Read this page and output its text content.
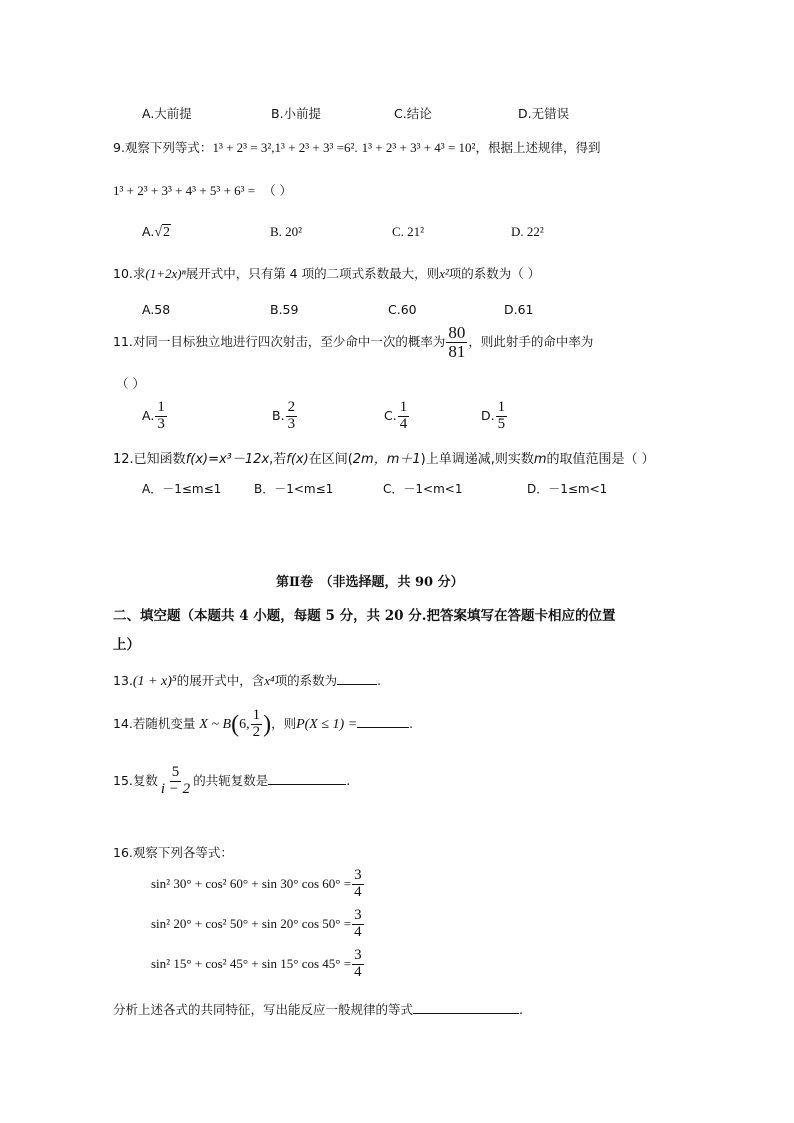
A.大前提	B.小前提	C.结论	D.无错误
9.观察下列等式：1³ + 2³ = 3²,1³ + 2³ + 3³ =6². 1³ + 2³ + 3³ + 4³ = 10²，根据上述规律，得到
1³ + 2³ + 3³ + 4³ + 5³ + 6³ = （ ）
A.√2	B. 20²	C. 21²	D. 22²
10.求(1+2x)ⁿ展开式中，只有第 4 项的二项式系数最大，则x²项的系数为（ ）
A.58	B.59	C.60	D.61
11.对同一目标独立地进行四次射击，至少命中一次的概率为 $\frac{80}{81}$ ，则此射手的命中率为
（ ）
A. $\frac{1}{3}$	B. $\frac{2}{3}$	C. $\frac{1}{4}$	D. $\frac{1}{5}$
12.已知函数f(x)=x³－12x,若f(x)在区间(2m，m＋1)上单调递减,则实数m的取值范围是（ ）
A．－1≤m≤1	B．－1<m≤1	C．－1<m<1	D．－1≤m<1
第Ⅱ卷　（非选择题，共 90 分）
二、填空题（本题共 4 小题，每题 5 分，共 20 分.把答案填写在答题卡相应的位置
上）
13.(1 + x)⁵的展开式中，含x⁴项的系数为	.
14.若随机变量 X ~ B(6, $\frac{1}{2}$ )，则P(X ≤ 1) =	.
15.复数 $\frac{5}{i - 2}$ 的共轭复数是	.
16.观察下列各等式：
sin² 30° + cos² 60° + sin 30° $\cos 60^\circ = \frac{3}{4}$
sin² 20° + cos² 50° + sin 20° $\cos 50^\circ = \frac{3}{4}$
sin² 15° + cos² 45° + sin 15° $\cos 45^\circ = \frac{3}{4}$
分析上述各式的共同特征，写出能反应一般规律的等式	.
